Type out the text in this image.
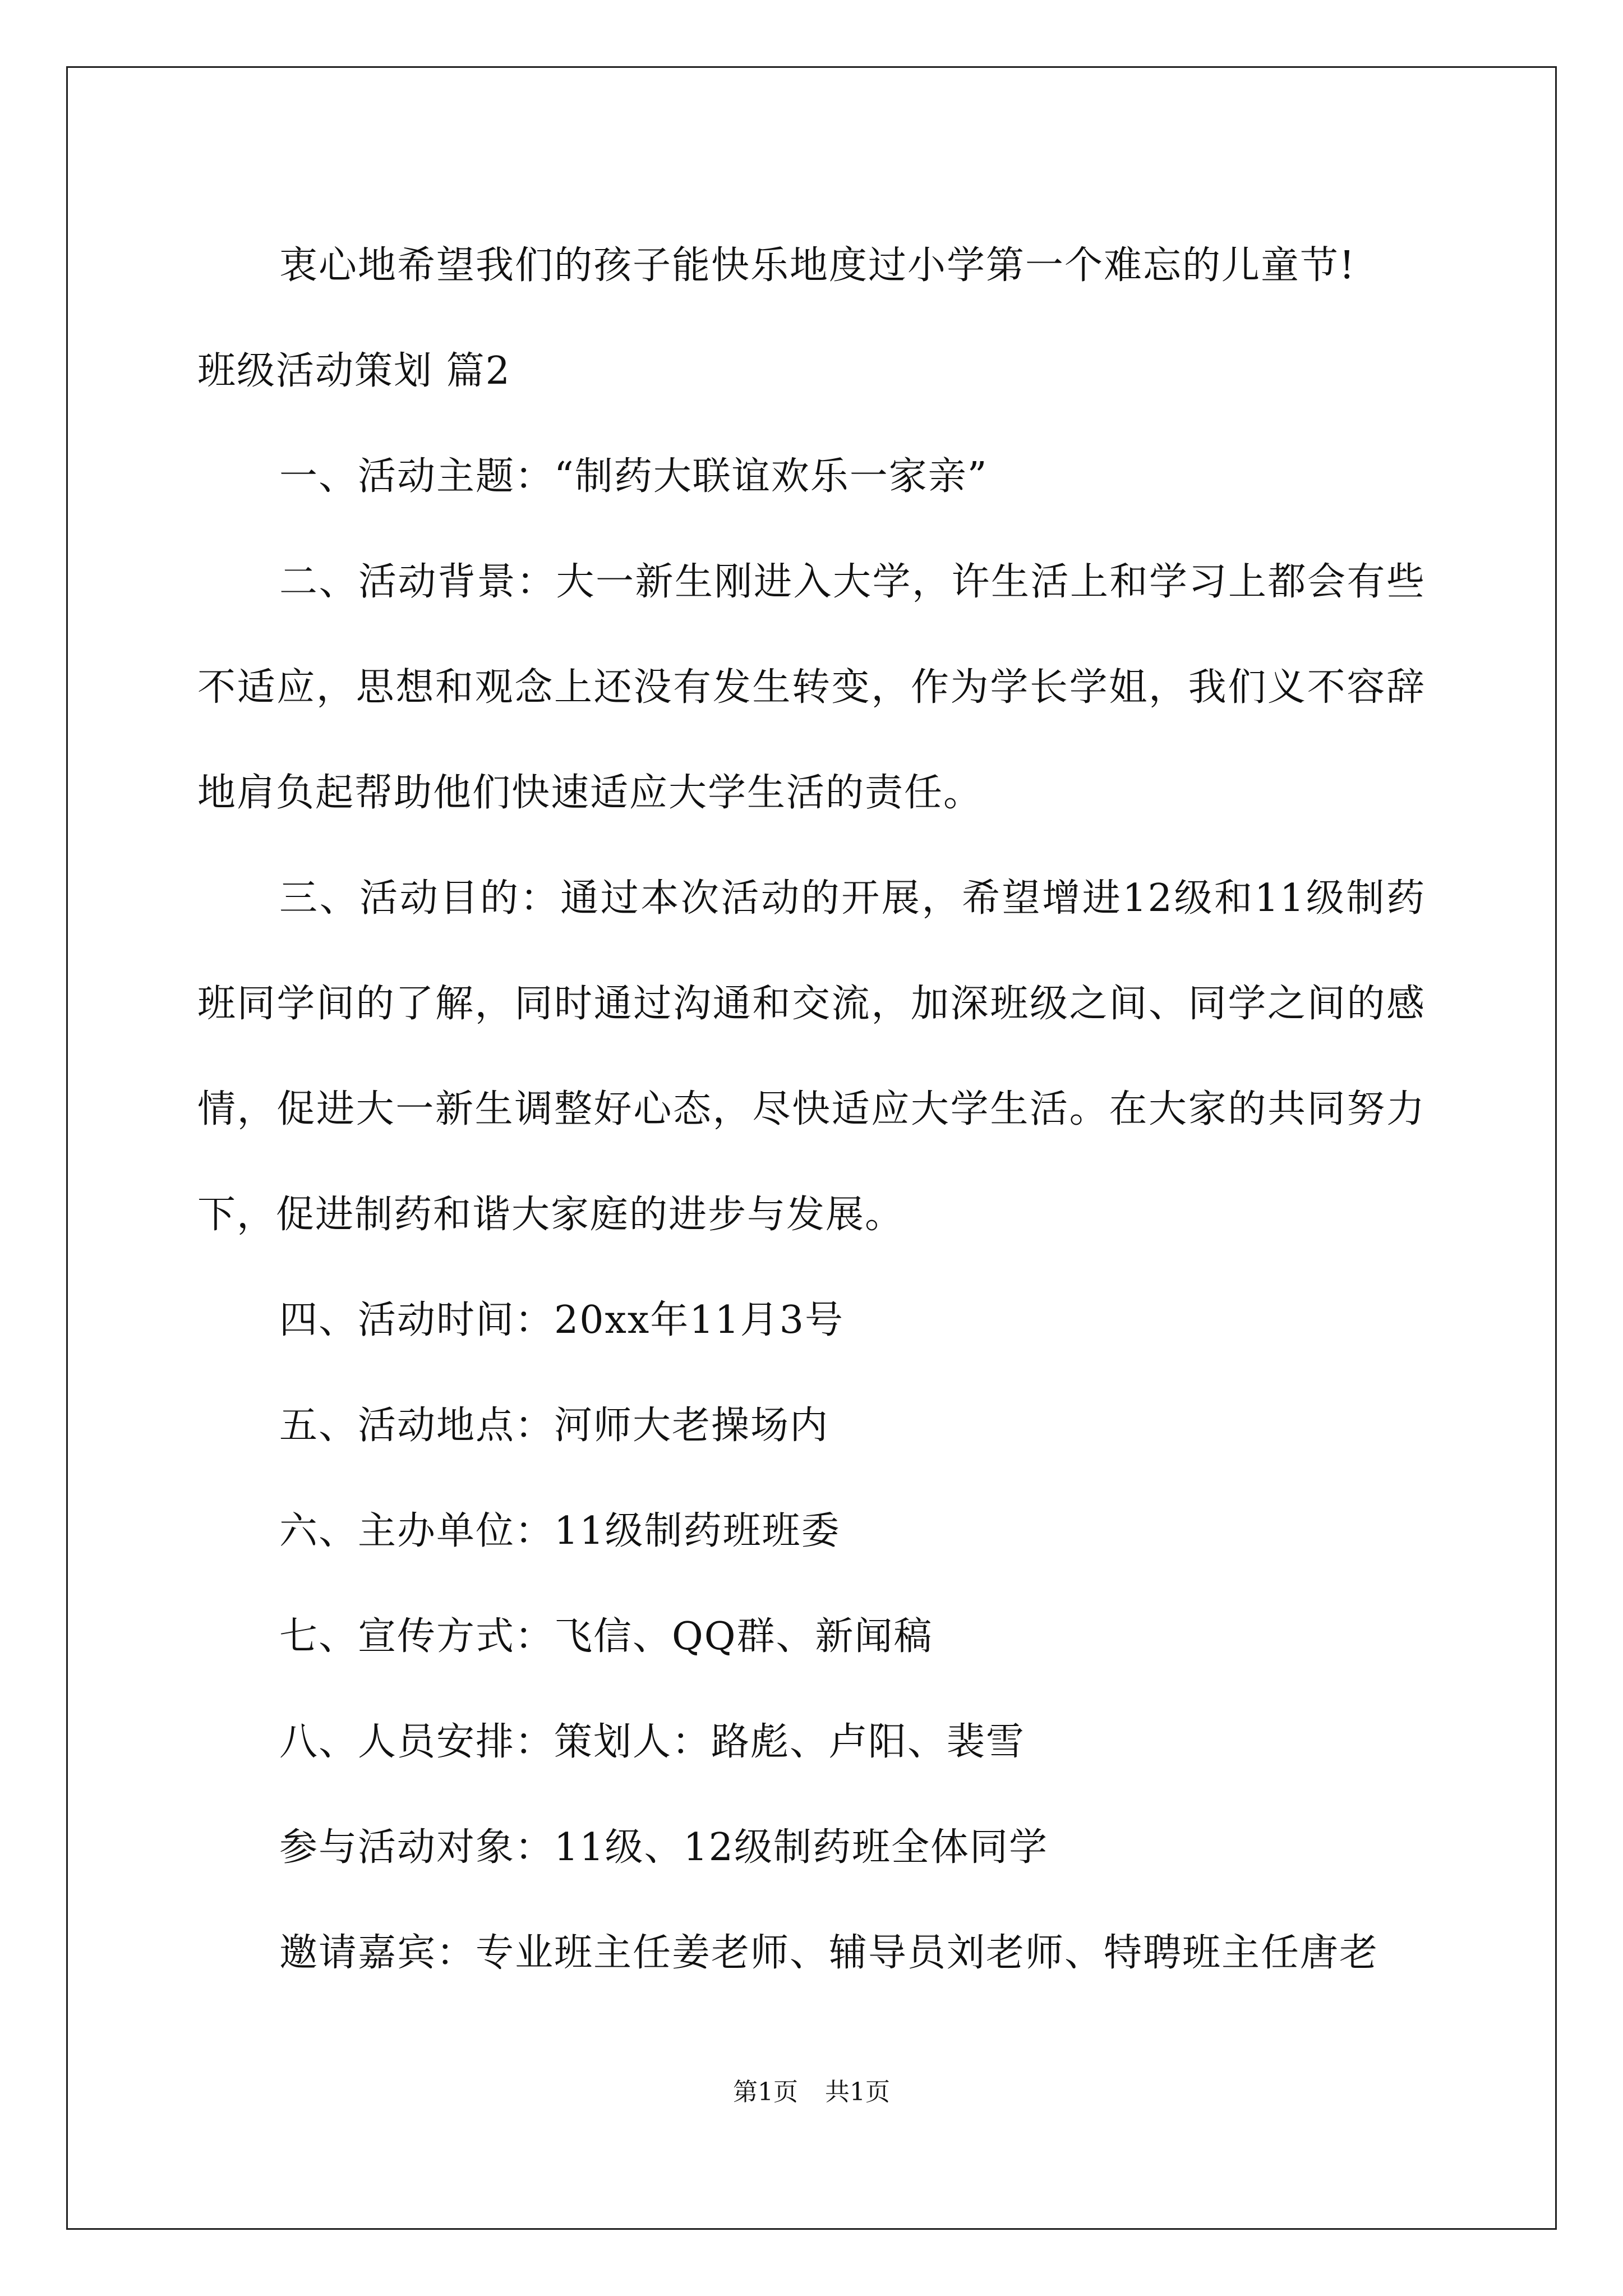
衷心地希望我们的孩子能快乐地度过小学第一个难忘的儿童节!

班级活动策划 篇2

一、活动主题：“制药大联谊欢乐一家亲”

二、活动背景：大一新生刚进入大学，许生活上和学习上都会有些不适应，思想和观念上还没有发生转变，作为学长学姐，我们义不容辞地肩负起帮助他们快速适应大学生活的责任。

三、活动目的：通过本次活动的开展，希望增进12级和11级制药班同学间的了解，同时通过沟通和交流，加深班级之间、同学之间的感情，促进大一新生调整好心态，尽快适应大学生活。在大家的共同努力下，促进制药和谐大家庭的进步与发展。

四、活动时间：20xx年11月3号

五、活动地点：河师大老操场内

六、主办单位：11级制药班班委

七、宣传方式：飞信、QQ群、新闻稿

八、人员安排：策划人：路彪、卢阳、裴雪

参与活动对象：11级、12级制药班全体同学

邀请嘉宾：专业班主任姜老师、辅导员刘老师、特聘班主任唐老

第1页 共1页
